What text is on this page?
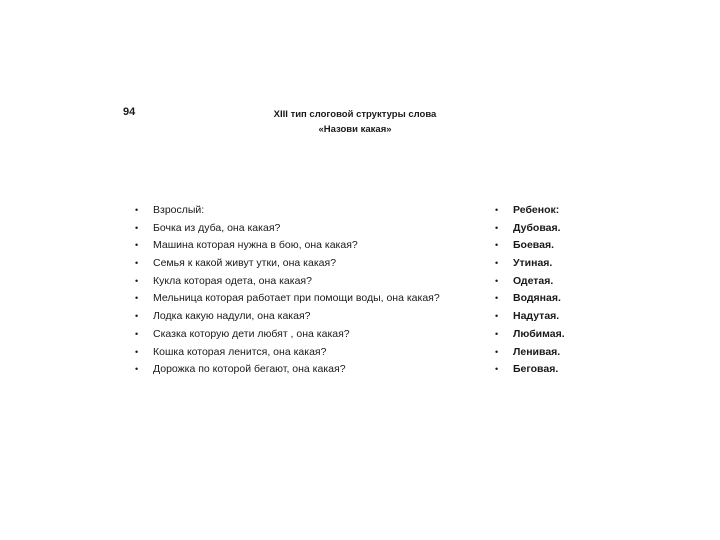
94	XIII тип слоговой структуры слова
«Назови какая»
• Взрослый:
• Бочка из дуба, она какая?
• Машина которая нужна в бою, она какая?
• Семья к какой живут утки, она какая?
• Кукла которая одета, она какая?
• Мельница которая работает при помощи воды, она какая?
• Лодка какую надули, она какая?
• Сказка которую дети любят , она какая?
• Кошка которая ленится, она какая?
• Дорожка по которой бегают, она какая?
• Ребенок:
• Дубовая.
• Боевая.
• Утиная.
• Одетая.
• Водяная.
• Надутая.
• Любимая.
• Ленивая.
• Беговая.
